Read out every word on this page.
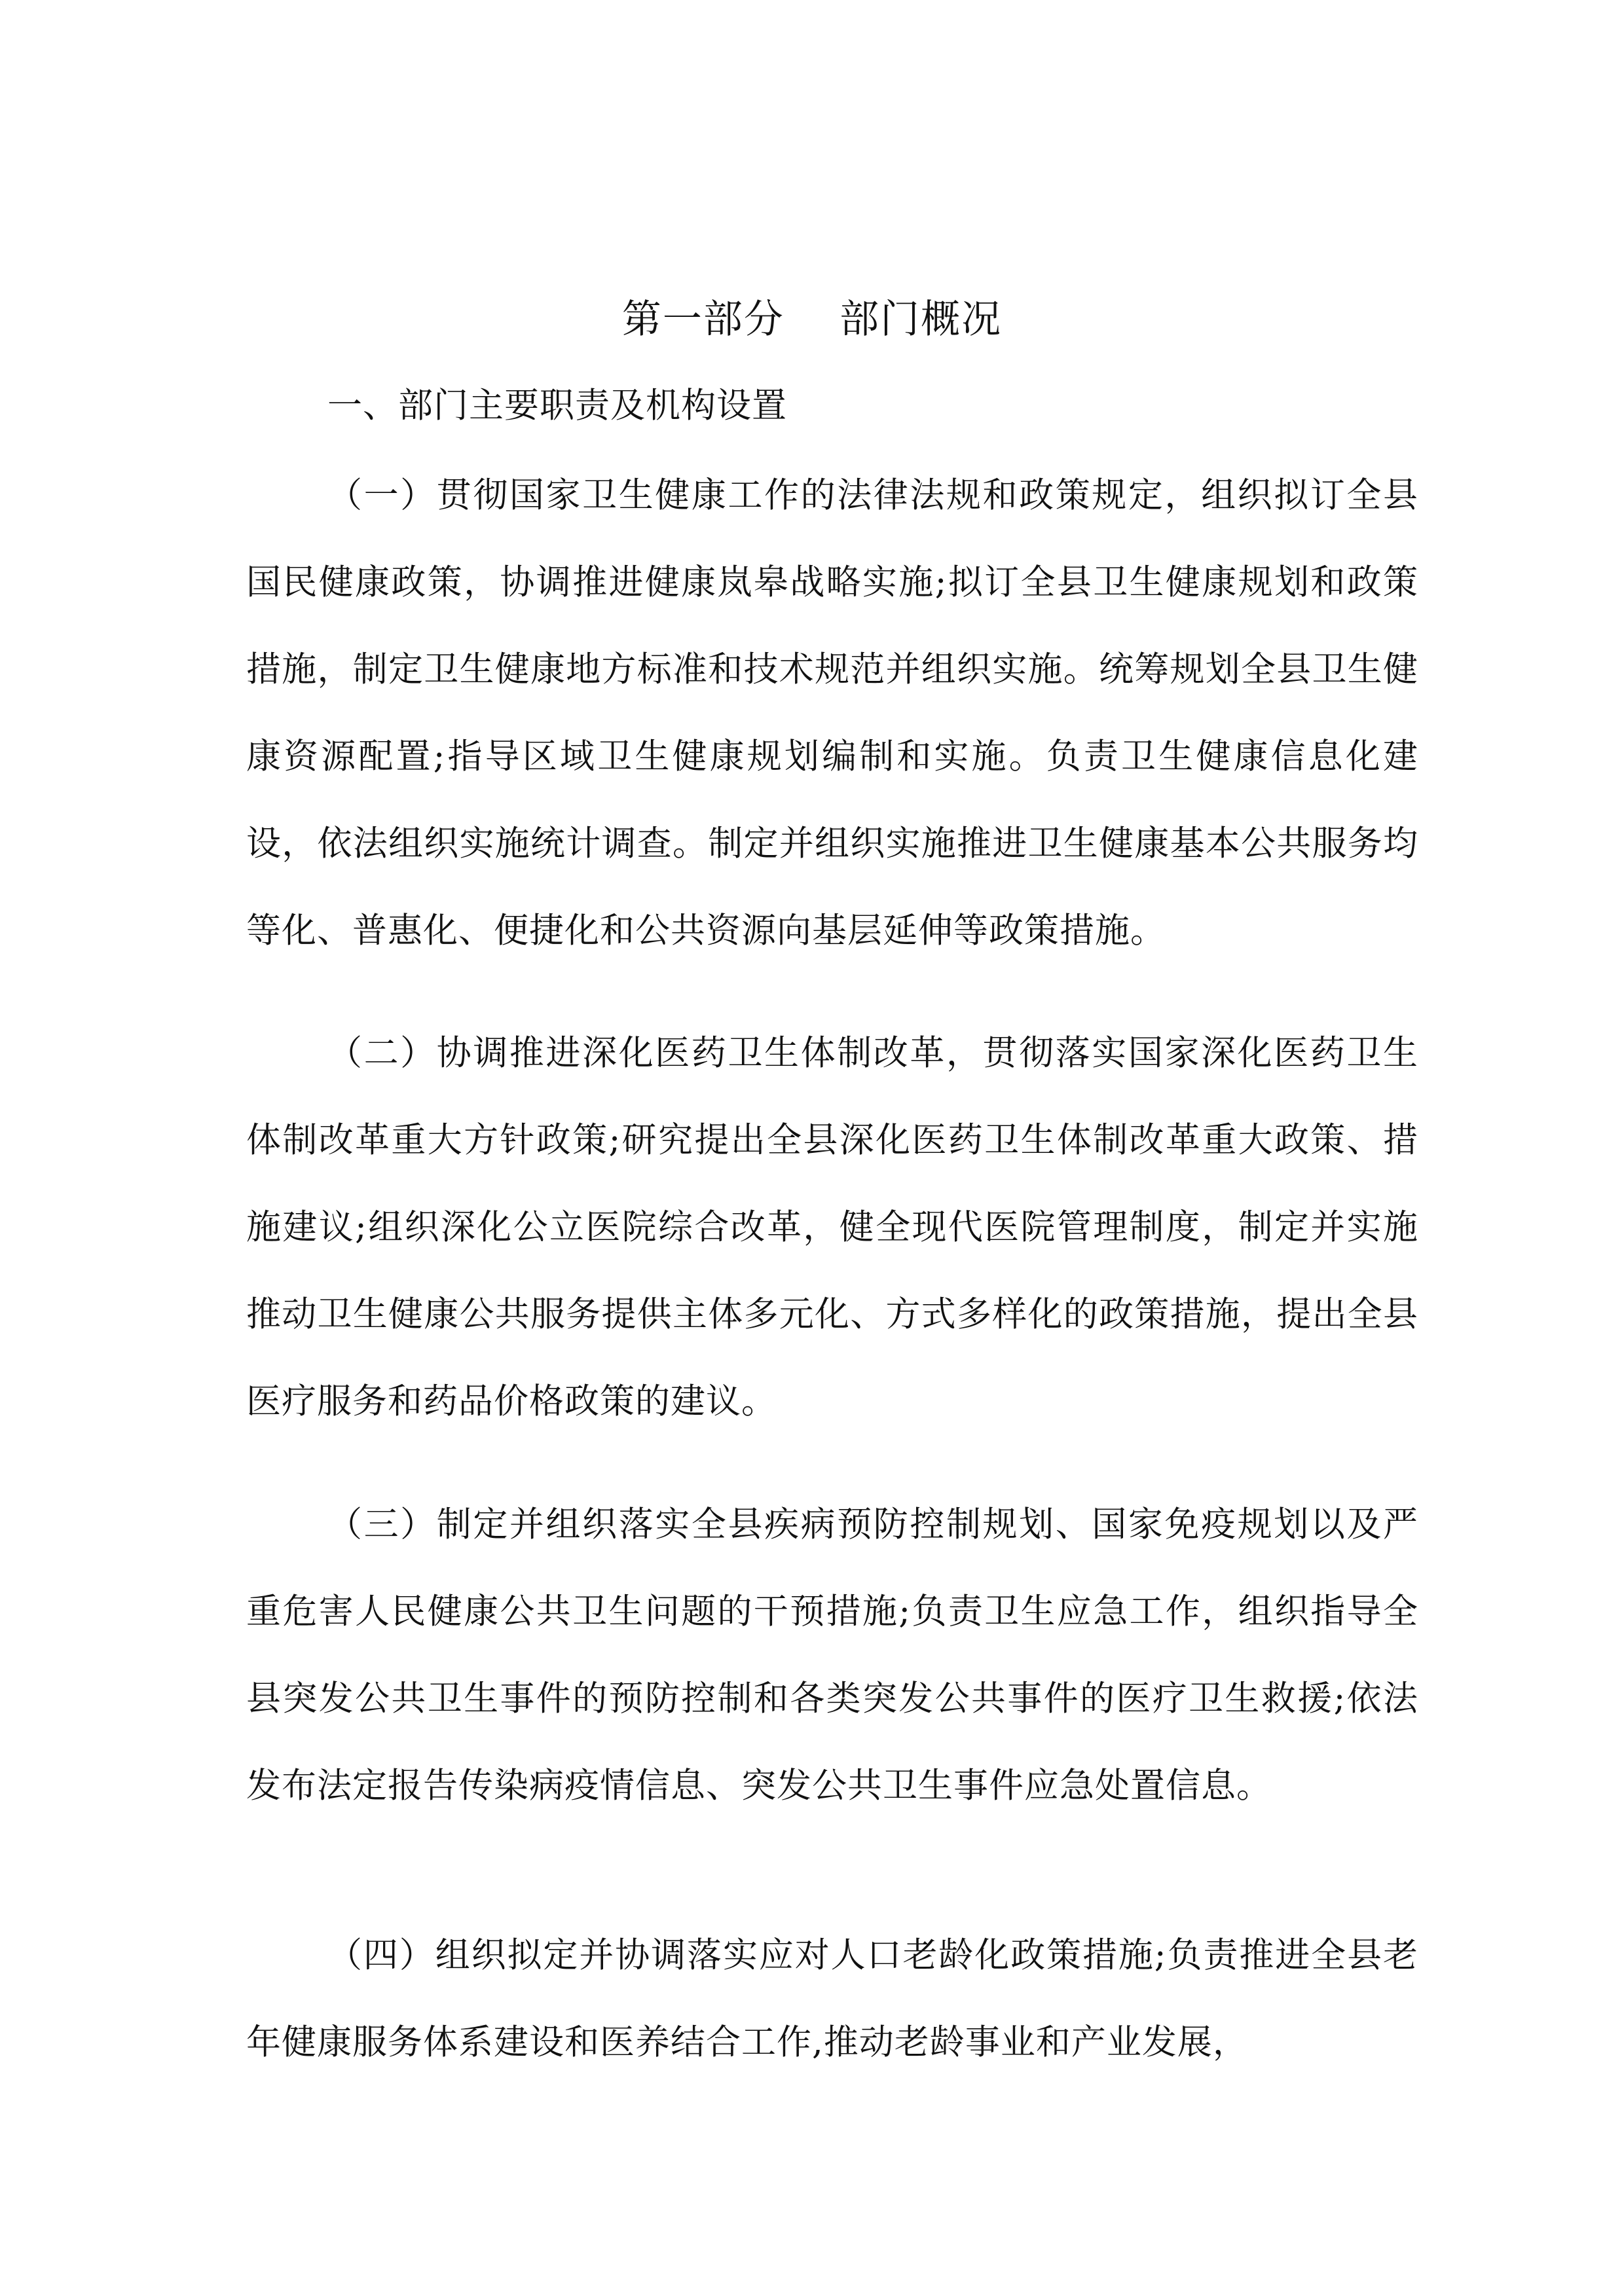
第一部分    部门概况
一、部门主要职责及机构设置

（一）贯彻国家卫生健康工作的法律法规和政策规定，组织拟订全县国民健康政策，协调推进健康岚皋战略实施;拟订全县卫生健康规划和政策措施，制定卫生健康地方标准和技术规范并组织实施。统筹规划全县卫生健康资源配置;指导区域卫生健康规划编制和实施。负责卫生健康信息化建设，依法组织实施统计调查。制定并组织实施推进卫生健康基本公共服务均等化、普惠化、便捷化和公共资源向基层延伸等政策措施。

（二）协调推进深化医药卫生体制改革，贯彻落实国家深化医药卫生体制改革重大方针政策;研究提出全县深化医药卫生体制改革重大政策、措施建议;组织深化公立医院综合改革，健全现代医院管理制度，制定并实施推动卫生健康公共服务提供主体多元化、方式多样化的政策措施，提出全县医疗服务和药品价格政策的建议。

（三）制定并组织落实全县疾病预防控制规划、国家免疫规划以及严重危害人民健康公共卫生问题的干预措施;负责卫生应急工作，组织指导全县突发公共卫生事件的预防控制和各类突发公共事件的医疗卫生救援;依法发布法定报告传染病疫情信息、突发公共卫生事件应急处置信息。

（四）组织拟定并协调落实应对人口老龄化政策措施;负责推进全县老年健康服务体系建设和医养结合工作,推动老龄事业和产业发展，
